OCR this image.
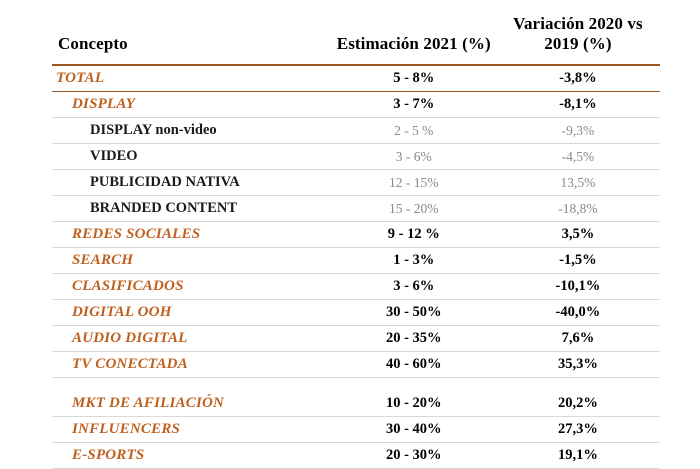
Concepto	Estimación 2021 (%)	Variación 2020 vs 2019 (%)
TOTAL	5 - 8%	-3,8%
DISPLAY	3 - 7%	-8,1%
DISPLAY non-video	2 - 5 %	-9,3%
VIDEO	3 - 6%	-4,5%
PUBLICIDAD NATIVA	12 - 15%	13,5%
BRANDED CONTENT	15 - 20%	-18,8%
REDES SOCIALES	9 - 12 %	3,5%
SEARCH	1 - 3%	-1,5%
CLASIFICADOS	3 - 6%	-10,1%
DIGITAL OOH	30 - 50%	-40,0%
AUDIO DIGITAL	20 - 35%	7,6%
TV CONECTADA	40 - 60%	35,3%

MKT DE AFILIACIÓN	10 - 20%	20,2%
INFLUENCERS	30 - 40%	27,3%
E-SPORTS	20 - 30%	19,1%
